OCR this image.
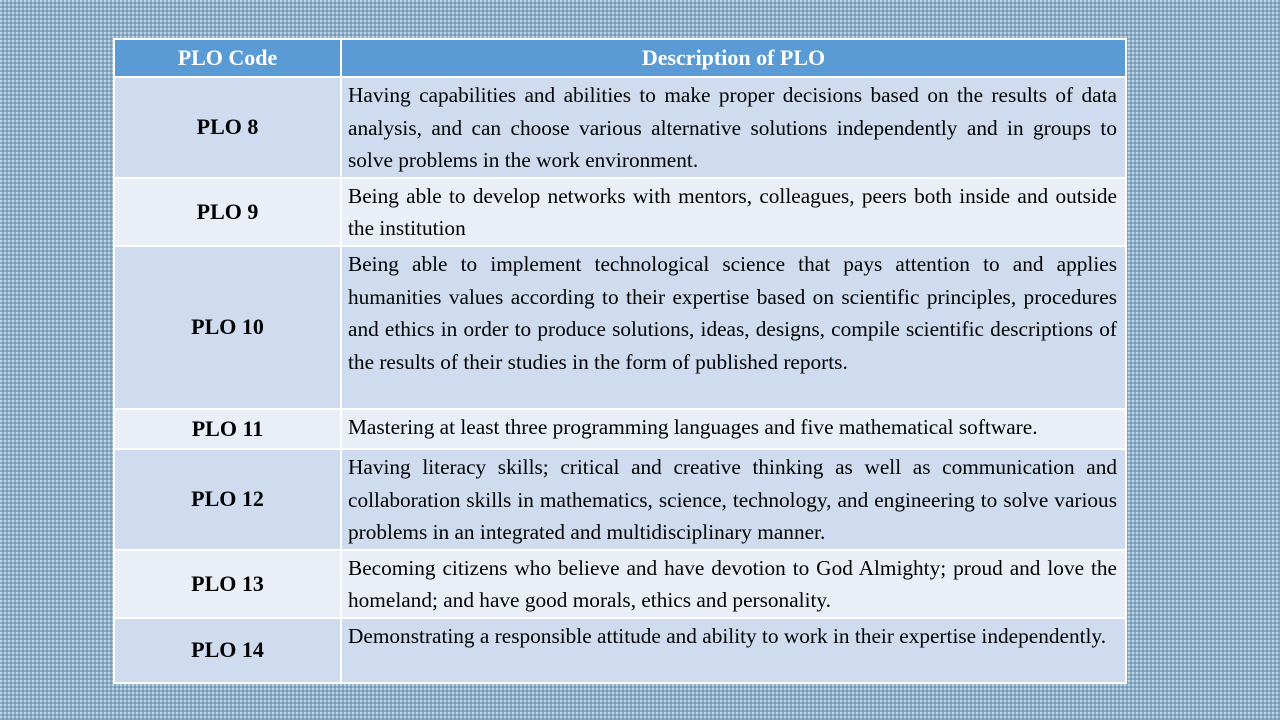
PLO Code	Description of PLO
PLO 8	Having capabilities and abilities to make proper decisions based on the results of data analysis, and can choose various alternative solutions independently and in groups to solve problems in the work environment.
PLO 9	Being able to develop networks with mentors, colleagues, peers both inside and outside the institution
PLO 10	Being able to implement technological science that pays attention to and applies humanities values according to their expertise based on scientific principles, procedures and ethics in order to produce solutions, ideas, designs, compile scientific descriptions of the results of their studies in the form of published reports.
PLO 11	Mastering at least three programming languages and five mathematical software.
PLO 12	Having literacy skills; critical and creative thinking as well as communication and collaboration skills in mathematics, science, technology, and engineering to solve various problems in an integrated and multidisciplinary manner.
PLO 13	Becoming citizens who believe and have devotion to God Almighty; proud and love the homeland; and have good morals, ethics and personality.
PLO 14	Demonstrating a responsible attitude and ability to work in their expertise independently.
